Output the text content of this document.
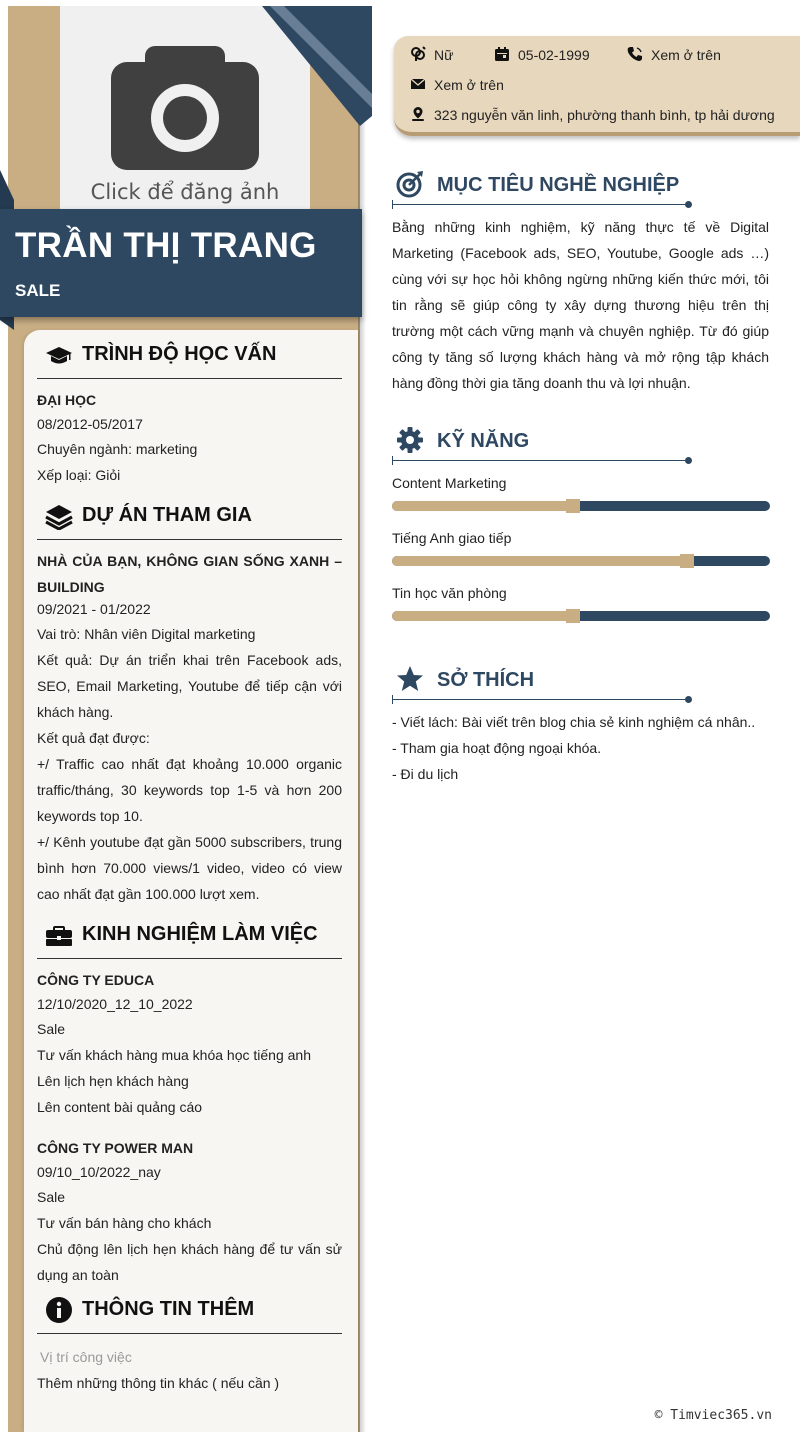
Click để đăng ảnh
TRẦN THỊ TRANG
SALE
TRÌNH ĐỘ HỌC VẤN
ĐẠI HỌC
08/2012-05/2017
Chuyên ngành: marketing
Xếp loại: Giỏi
DỰ ÁN THAM GIA
NHÀ CỦA BẠN, KHÔNG GIAN SỐNG XANH – BUILDING
09/2021 - 01/2022
Vai trò: Nhân viên Digital marketing
Kết quả: Dự án triển khai trên Facebook ads, SEO, Email Marketing, Youtube để tiếp cận với khách hàng.
Kết quả đạt được:
+/ Traffic cao nhất đạt khoảng 10.000 organic traffic/tháng, 30 keywords top 1-5 và hơn 200 keywords top 10.
+/ Kênh youtube đạt gần 5000 subscribers, trung bình hơn 70.000 views/1 video, video có view cao nhất đạt gần 100.000 lượt xem.
KINH NGHIỆM LÀM VIỆC
CÔNG TY EDUCA
12/10/2020_12_10_2022
Sale
Tư vấn khách hàng mua khóa học tiếng anh
Lên lịch hẹn khách hàng
Lên content bài quảng cáo
CÔNG TY POWER MAN
09/10_10/2022_nay
Sale
Tư vấn bán hàng cho khách
Chủ động lên lịch hẹn khách hàng để tư vấn sử dụng an toàn
THÔNG TIN THÊM
Vị trí công việc
Thêm những thông tin khác ( nếu cần )
Nữ	05-02-1999	Xem ở trên
Xem ở trên
323 nguyễn văn linh, phường thanh bình, tp hải dương
MỤC TIÊU NGHỀ NGHIỆP
Bằng những kinh nghiệm, kỹ năng thực tế về Digital Marketing (Facebook ads, SEO, Youtube, Google ads …) cùng với sự học hỏi không ngừng những kiến thức mới, tôi tin rằng sẽ giúp công ty xây dựng thương hiệu trên thị trường một cách vững mạnh và chuyên nghiệp. Từ đó giúp công ty tăng số lượng khách hàng và mở rộng tập khách hàng đồng thời gia tăng doanh thu và lợi nhuận.
KỸ NĂNG
Content Marketing
Tiếng Anh giao tiếp
Tin học văn phòng
SỞ THÍCH
- Viết lách: Bài viết trên blog chia sẻ kinh nghiệm cá nhân..
- Tham gia hoạt động ngoại khóa.
- Đi du lịch
© Timviec365.vn
